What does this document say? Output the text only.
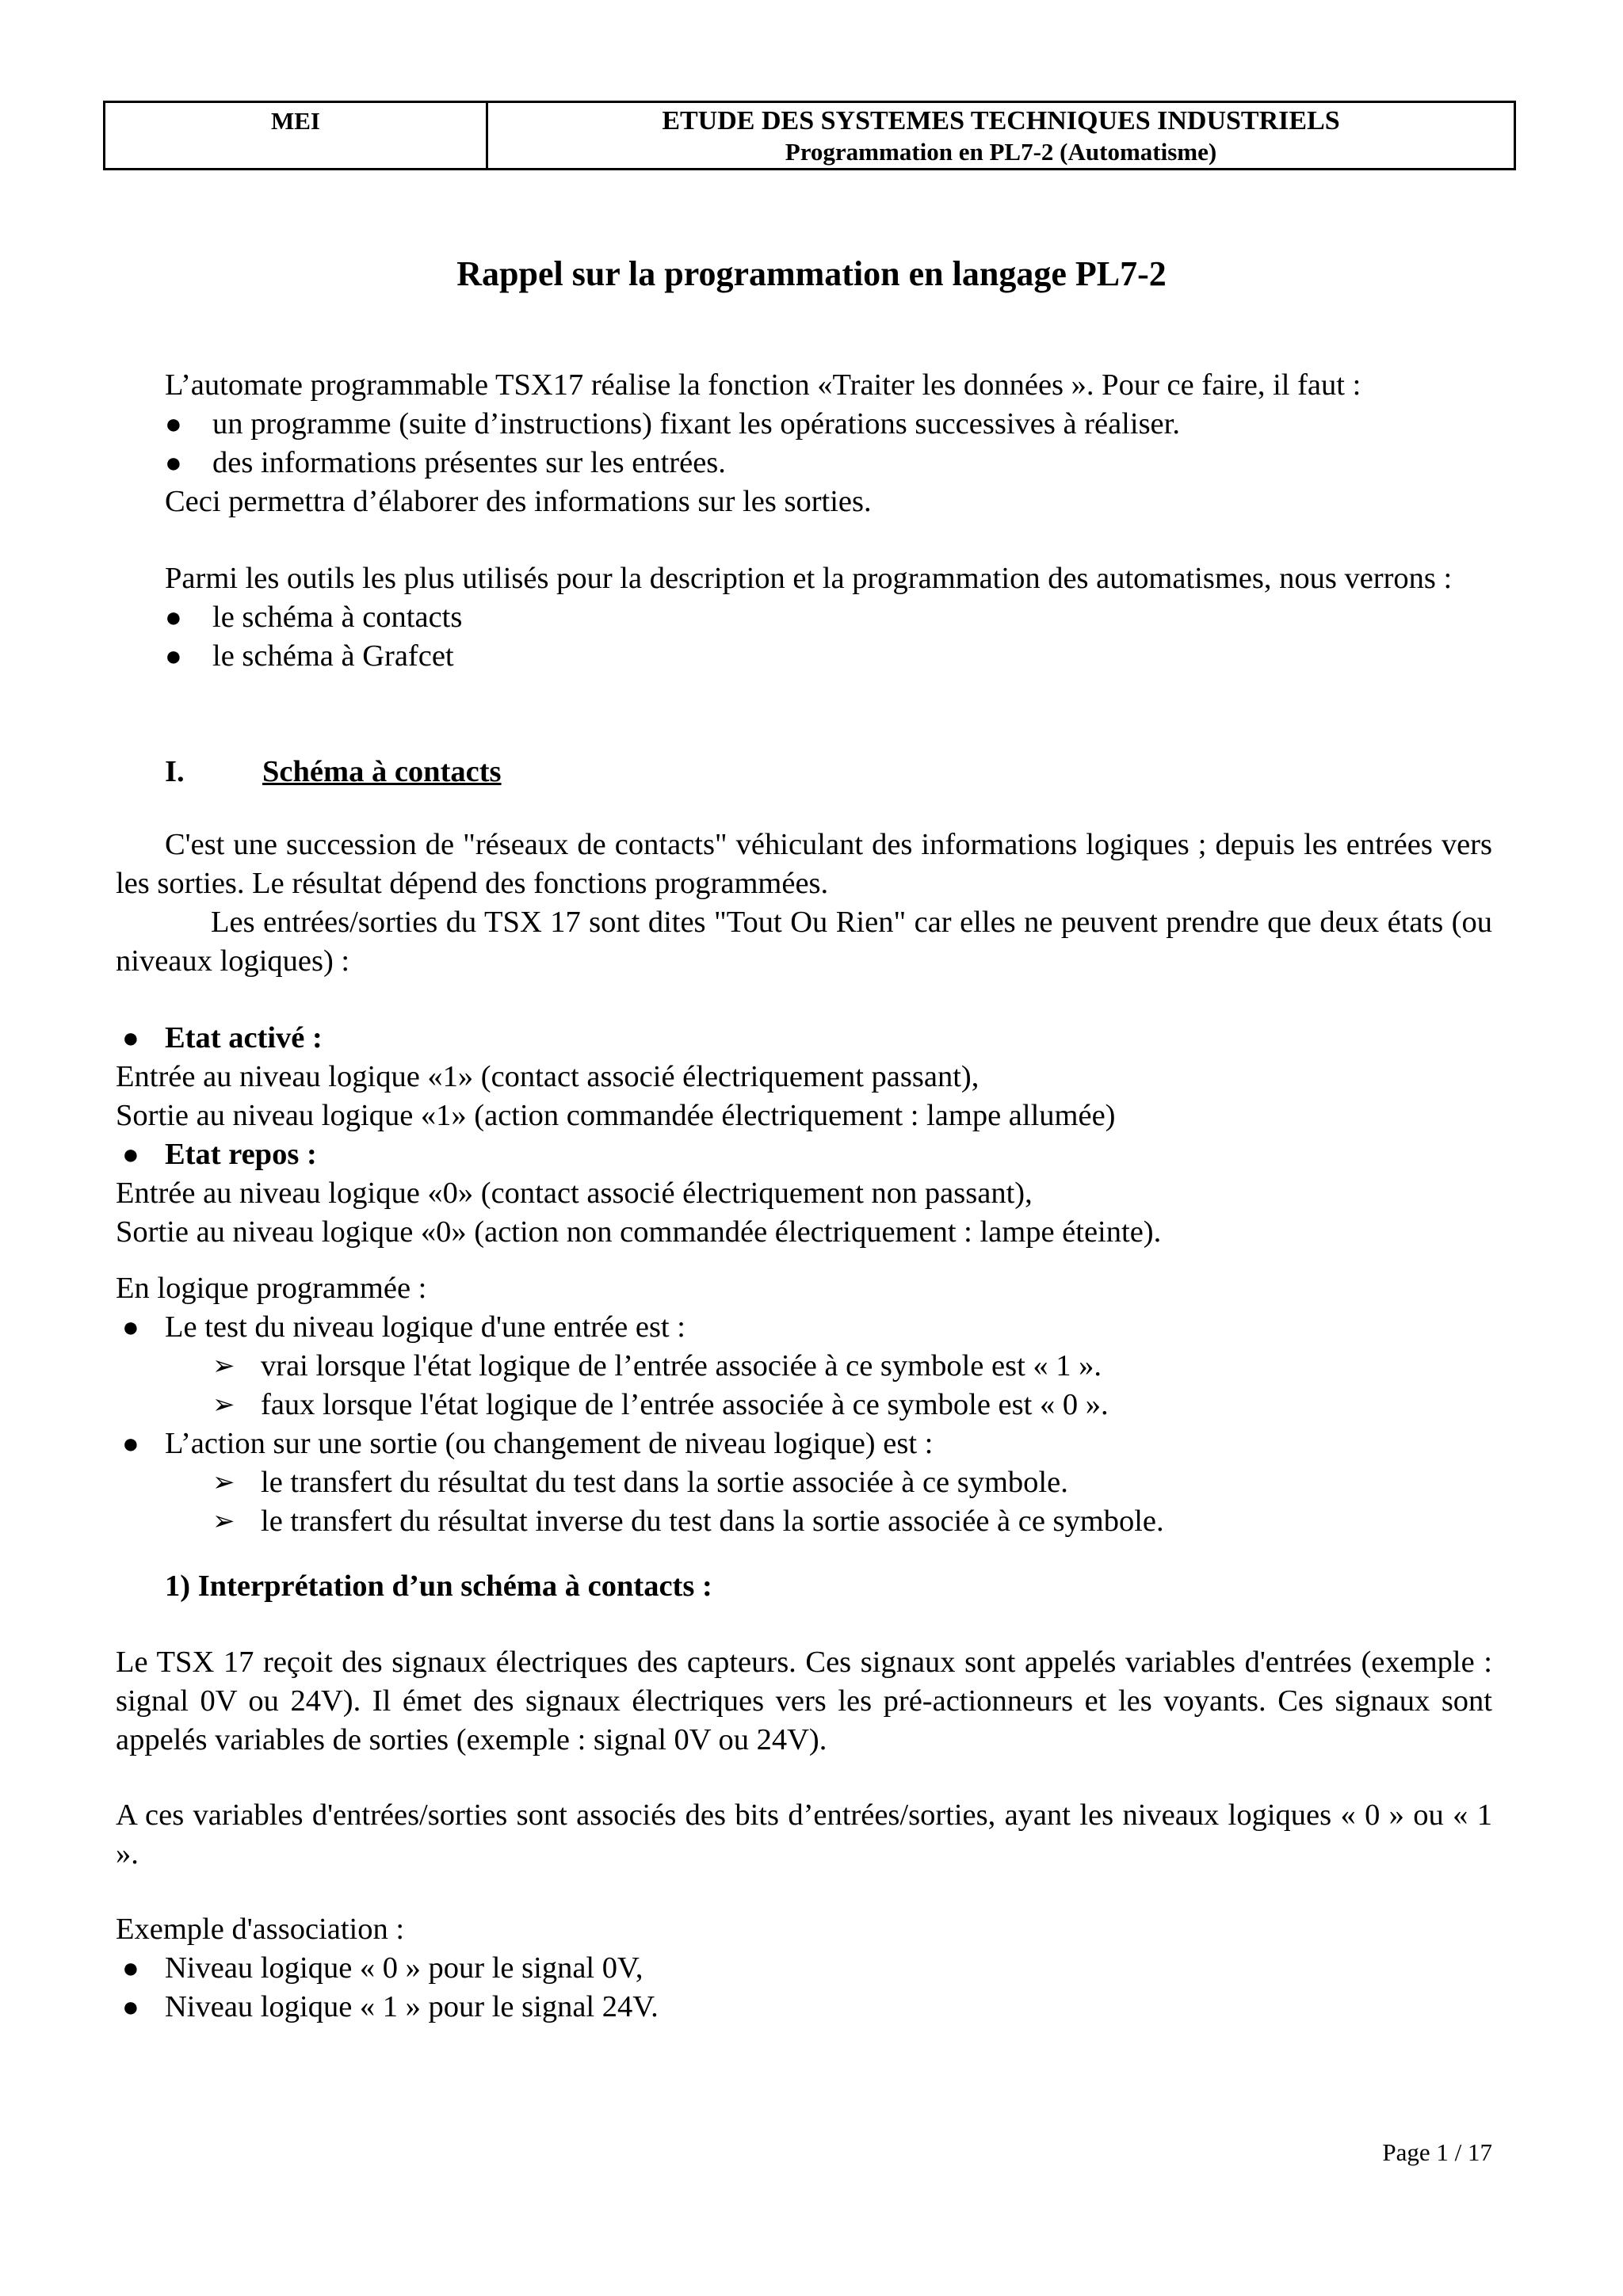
MEI	ETUDE DES SYSTEMES TECHNIQUES INDUSTRIELS
Programmation en PL7-2 (Automatisme)
Rappel sur la programmation en langage PL7-2

L’automate programmable TSX17 réalise la fonction «Traiter les données ». Pour ce faire, il faut :

● un programme (suite d’instructions) fixant les opérations successives à réaliser.
● des informations présentes sur les entrées.

Ceci permettra d’élaborer des informations sur les sorties.

Parmi les outils les plus utilisés pour la description et la programmation des automatismes, nous verrons :

● le schéma à contacts
● le schéma à Grafcet
I.	Schéma à contacts

C'est une succession de "réseaux de contacts" véhiculant des informations logiques ; depuis les entrées vers les sorties. Le résultat dépend des fonctions programmées.

Les entrées/sorties du TSX 17 sont dites "Tout Ou Rien" car elles ne peuvent prendre que deux états (ou niveaux logiques) :

● Etat activé :

Entrée au niveau logique «1» (contact associé électriquement passant),

Sortie au niveau logique «1» (action commandée électriquement : lampe allumée)

● Etat repos :

Entrée au niveau logique «0» (contact associé électriquement non passant),

Sortie au niveau logique «0» (action non commandée électriquement : lampe éteinte).

En logique programmée :

● Le test du niveau logique d'une entrée est :
➢ vrai lorsque l'état logique de l’entrée associée à ce symbole est « 1 ».
➢ faux lorsque l'état logique de l’entrée associée à ce symbole est « 0 ».
● L’action sur une sortie (ou changement de niveau logique) est :
➢ le transfert du résultat du test dans la sortie associée à ce symbole.
➢ le transfert du résultat inverse du test dans la sortie associée à ce symbole.
1) Interprétation d’un schéma à contacts :

Le TSX 17 reçoit des signaux électriques des capteurs. Ces signaux sont appelés variables d'entrées (exemple : signal 0V ou 24V). Il émet des signaux électriques vers les pré-actionneurs et les voyants. Ces signaux sont appelés variables de sorties (exemple : signal 0V ou 24V).

A ces variables d'entrées/sorties sont associés des bits d’entrées/sorties, ayant les niveaux logiques « 0 » ou « 1 ».

Exemple d'association :

● Niveau logique « 0 » pour le signal 0V,
● Niveau logique « 1 » pour le signal 24V.
Page 1 / 17
